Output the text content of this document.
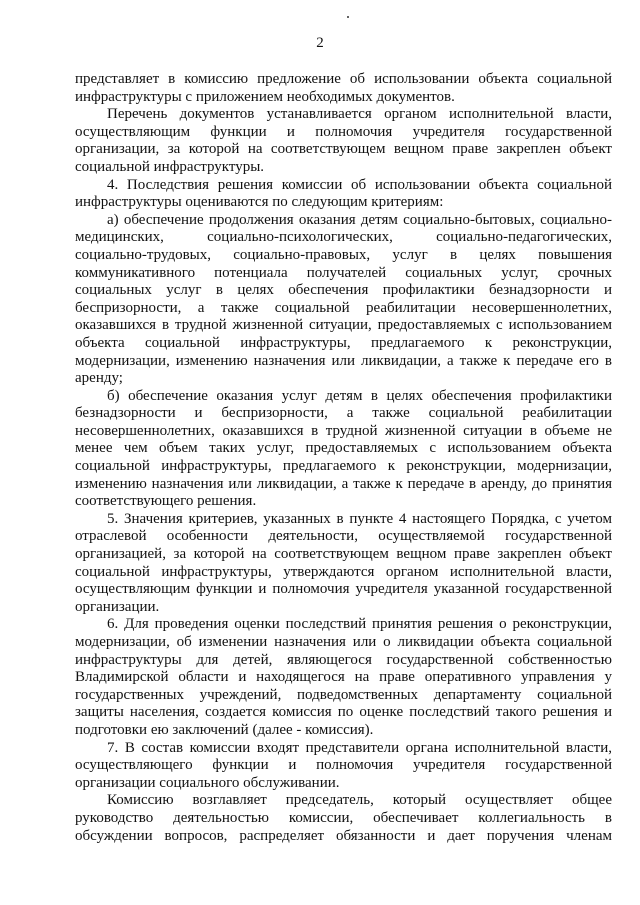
2

представляет в комиссию предложение об использовании объекта социальной
инфраструктуры с приложением необходимых документов.

Перечень документов устанавливается органом исполнительной власти,
осуществляющим функции и полномочия учредителя государственной
организации, за которой на соответствующем вещном праве закреплен объект
социальной инфраструктуры.

4. Последствия решения комиссии об использовании объекта социальной
инфраструктуры оцениваются по следующим критериям:

а) обеспечение продолжения оказания детям социально-бытовых, социально-
медицинских, социально-психологических, социально-педагогических,
социально-трудовых, социально-правовых, услуг в целях повышения
коммуникативного потенциала получателей социальных услуг, срочных
социальных услуг в целях обеспечения профилактики безнадзорности и
беспризорности, а также социальной реабилитации несовершеннолетних,
оказавшихся в трудной жизненной ситуации, предоставляемых с использованием
объекта социальной инфраструктуры, предлагаемого к реконструкции,
модернизации, изменению назначения или ликвидации, а также к передаче его в
аренду;

б) обеспечение оказания услуг детям в целях обеспечения профилактики
безнадзорности и беспризорности, а также социальной реабилитации
несовершеннолетних, оказавшихся в трудной жизненной ситуации в объеме не
менее чем объем таких услуг, предоставляемых с использованием объекта
социальной инфраструктуры, предлагаемого к реконструкции, модернизации,
изменению назначения или ликвидации, а также к передаче в аренду, до принятия
соответствующего решения.

5. Значения критериев, указанных в пункте 4 настоящего Порядка, с учетом
отраслевой особенности деятельности, осуществляемой государственной
организацией, за которой на соответствующем вещном праве закреплен объект
социальной инфраструктуры, утверждаются органом исполнительной власти,
осуществляющим функции и полномочия учредителя указанной государственной
организации.

6. Для проведения оценки последствий принятия решения о реконструкции,
модернизации, об изменении назначения или о ликвидации объекта социальной
инфраструктуры для детей, являющегося государственной собственностью
Владимирской области и находящегося на праве оперативного управления у
государственных учреждений, подведомственных департаменту социальной
защиты населения, создается комиссия по оценке последствий такого решения и
подготовки ею заключений (далее - комиссия).

7. В состав комиссии входят представители органа исполнительной власти,
осуществляющего функции и полномочия учредителя государственной
организации социального обслуживании.

Комиссию возглавляет председатель, который осуществляет общее
руководство деятельностью комиссии, обеспечивает коллегиальность в
обсуждении вопросов, распределяет обязанности и дает поручения членам
